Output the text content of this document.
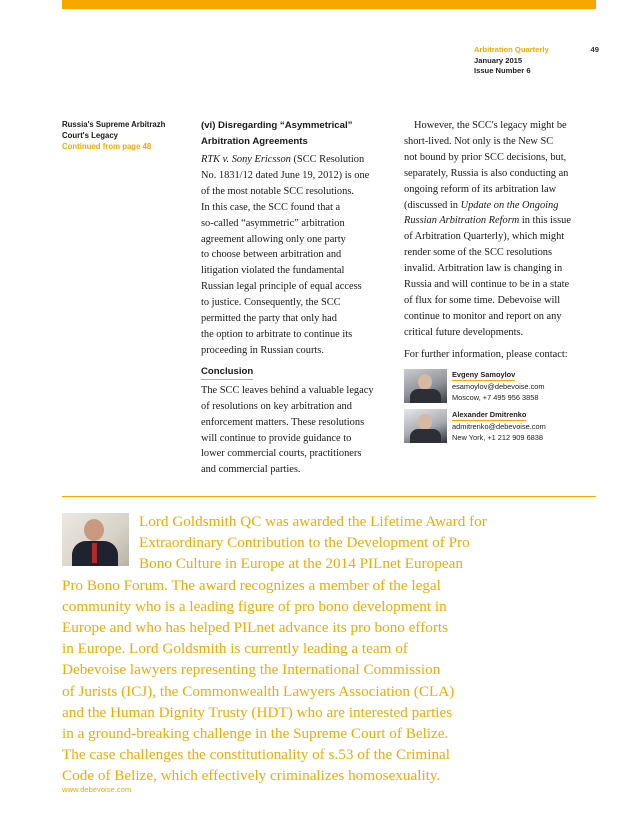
49
Arbitration Quarterly
January 2015
Issue Number 6
Russia's Supreme Arbitrazh
Court's Legacy
Continued from page 48
(vi) Disregarding “Asymmetrical”
Arbitration Agreements
RTK v. Sony Ericsson (SCC Resolution
No. 1831/12 dated June 19, 2012) is one
of the most notable SCC resolutions.
In this case, the SCC found that a
so-called “asymmetric” arbitration
agreement allowing only one party
to choose between arbitration and
litigation violated the fundamental
Russian legal principle of equal access
to justice. Consequently, the SCC
permitted the party that only had
the option to arbitrate to continue its
proceeding in Russian courts.
Conclusion
The SCC leaves behind a valuable legacy
of resolutions on key arbitration and
enforcement matters. These resolutions
will continue to provide guidance to
lower commercial courts, practitioners
and commercial parties.
However, the SCC's legacy might be
short-lived. Not only is the New SC
not bound by prior SCC decisions, but,
separately, Russia is also conducting an
ongoing reform of its arbitration law
(discussed in Update on the Ongoing
Russian Arbitration Reform in this issue
of Arbitration Quarterly), which might
render some of the SCC resolutions
invalid. Arbitration law is changing in
Russia and will continue to be in a state
of flux for some time. Debevoise will
continue to monitor and report on any
critical future developments.
For further information, please contact:
Evgeny Samoylov
esamoylov@debevoise.com
Moscow, +7 495 956 3858
Alexander Dmitrenko
admitrenko@debevoise.com
New York, +1 212 909 6838
Lord Goldsmith QC was awarded the Lifetime Award for
Extraordinary Contribution to the Development of Pro
Bono Culture in Europe at the 2014 PILnet European
Pro Bono Forum. The award recognizes a member of the legal
community who is a leading figure of pro bono development in
Europe and who has helped PILnet advance its pro bono efforts
in Europe. Lord Goldsmith is currently leading a team of
Debevoise lawyers representing the International Commission
of Jurists (ICJ), the Commonwealth Lawyers Association (CLA)
and the Human Dignity Trusty (HDT) who are interested parties
in a ground-breaking challenge in the Supreme Court of Belize.
The case challenges the constitutionality of s.53 of the Criminal
Code of Belize, which effectively criminalizes homosexuality.
www.debevoise.com
